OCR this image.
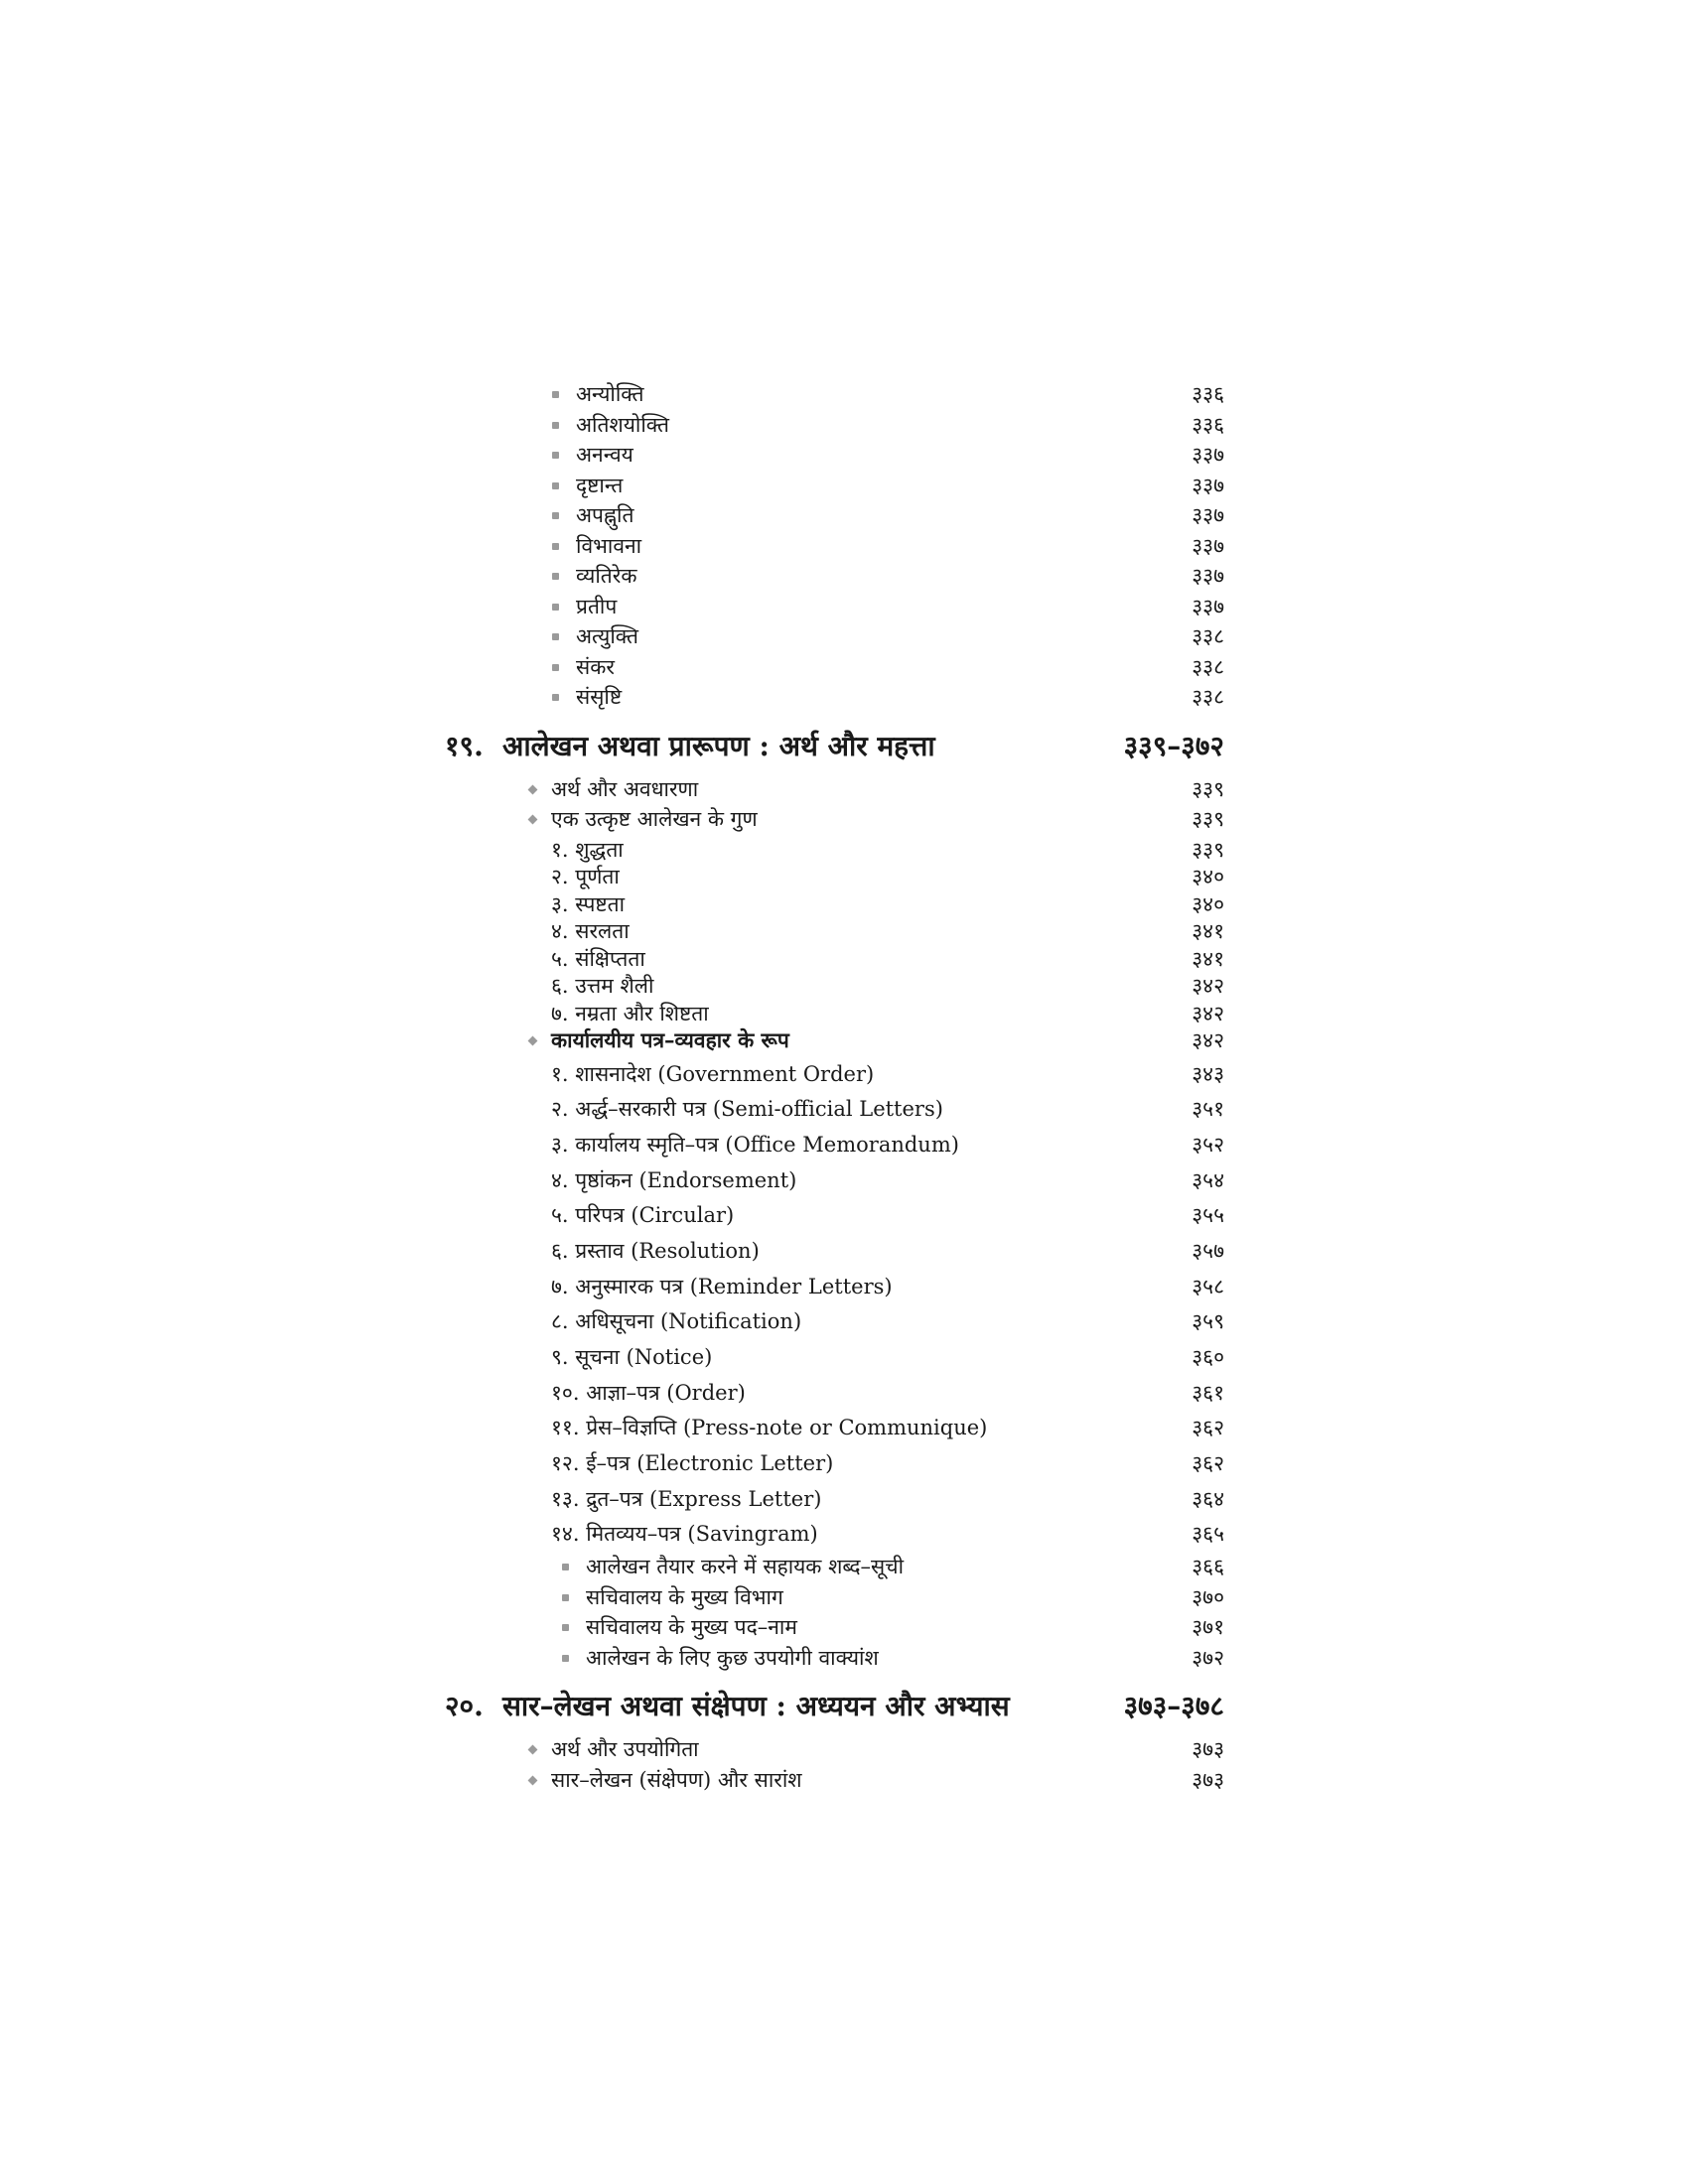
अन्योक्ति	३३६
अतिशयोक्ति	३३६
अनन्वय	३३७
दृष्टान्त	३३७
अपह्नुति	३३७
विभावना	३३७
व्यतिरेक	३३७
प्रतीप	३३७
अत्युक्ति	३३८
संकर	३३८
संसृष्टि	३३८
१९. आलेखन अथवा प्रारूपण : अर्थ और महत्ता	३३९–३७२
अर्थ और अवधारणा	३३९
एक उत्कृष्ट आलेखन के गुण	३३९
१. शुद्धता	३३९
२. पूर्णता	३४०
३. स्पष्टता	३४०
४. सरलता	३४१
५. संक्षिप्तता	३४१
६. उत्तम शैली	३४२
७. नम्रता और शिष्टता	३४२
कार्यालयीय पत्र–व्यवहार के रूप	३४२
१. शासनादेश (Government Order)	३४३
२. अर्द्ध–सरकारी पत्र (Semi-official Letters)	३५१
३. कार्यालय स्मृति–पत्र (Office Memorandum)	३५२
४. पृष्ठांकन (Endorsement)	३५४
५. परिपत्र (Circular)	३५५
६. प्रस्ताव (Resolution)	३५७
७. अनुस्मारक पत्र (Reminder Letters)	३५८
८. अधिसूचना (Notification)	३५९
९. सूचना (Notice)	३६०
१०. आज्ञा–पत्र (Order)	३६१
११. प्रेस–विज्ञप्ति (Press-note or Communique)	३६२
१२. ई–पत्र (Electronic Letter)	३६२
१३. द्रुत–पत्र (Express Letter)	३६४
१४. मितव्यय–पत्र (Savingram)	३६५
आलेखन तैयार करने में सहायक शब्द–सूची	३६६
सचिवालय के मुख्य विभाग	३७०
सचिवालय के मुख्य पद–नाम	३७१
आलेखन के लिए कुछ उपयोगी वाक्यांश	३७२
२०. सार–लेखन अथवा संक्षेपण : अध्ययन और अभ्यास	३७३–३७८
अर्थ और उपयोगिता	३७३
सार–लेखन (संक्षेपण) और सारांश	३७३
